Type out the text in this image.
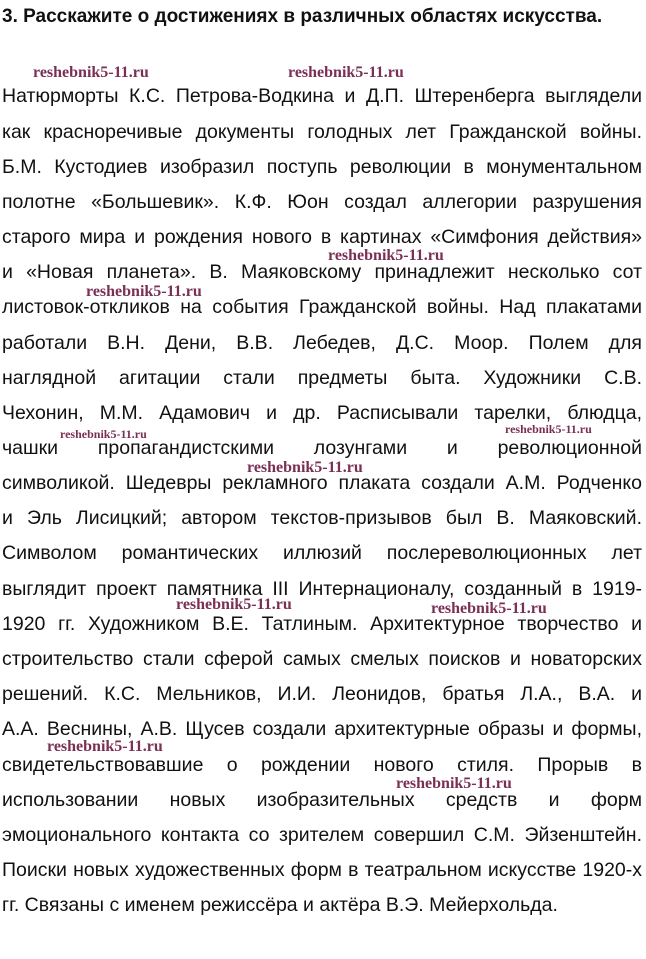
3. Расскажите о достижениях в различных областях искусства.
Натюрморты К.С. Петрова-Водкина и Д.П. Штеренберга выглядели
как красноречивые документы голодных лет Гражданской войны.
Б.М. Кустодиев изобразил поступь революции в монументальном
полотне «Большевик». К.Ф. Юон создал аллегории разрушения
старого мира и рождения нового в картинах «Симфония действия»
и «Новая планета». В. Маяковскому принадлежит несколько сот
листовок-откликов на события Гражданской войны. Над плакатами
работали В.Н. Дени, В.В. Лебедев, Д.С. Моор. Полем для
наглядной агитации стали предметы быта. Художники С.В.
Чехонин, М.М. Адамович и др. Расписывали тарелки, блюдца,
чашки пропагандистскими лозунгами и революционной
символикой. Шедевры рекламного плаката создали А.М. Родченко
и Эль Лисицкий; автором текстов-призывов был В. Маяковский.
Символом романтических иллюзий послереволюционных лет
выглядит проект памятника III Интернационалу, созданный в 1919-
1920 гг. Художником В.Е. Татлиным. Архитектурное творчество и
строительство стали сферой самых смелых поисков и новаторских
решений. К.С. Мельников, И.И. Леонидов, братья Л.А., В.А. и
А.А. Веснины, А.В. Щусев создали архитектурные образы и формы,
свидетельствовавшие о рождении нового стиля. Прорыв в
использовании новых изобразительных средств и форм
эмоционального контакта со зрителем совершил С.М. Эйзенштейн.
Поиски новых художественных форм в театральном искусстве 1920-х
гг. Связаны с именем режиссёра и актёра В.Э. Мейерхольда.
reshebnik5-11.ru	reshebnik5-11.ru
reshebnik5-11.ru
reshebnik5-11.ru
reshebnik5-11.ru	reshebnik5-11.ru
reshebnik5-11.ru
reshebnik5-11.ru	reshebnik5-11.ru
reshebnik5-11.ru
reshebnik5-11.ru
